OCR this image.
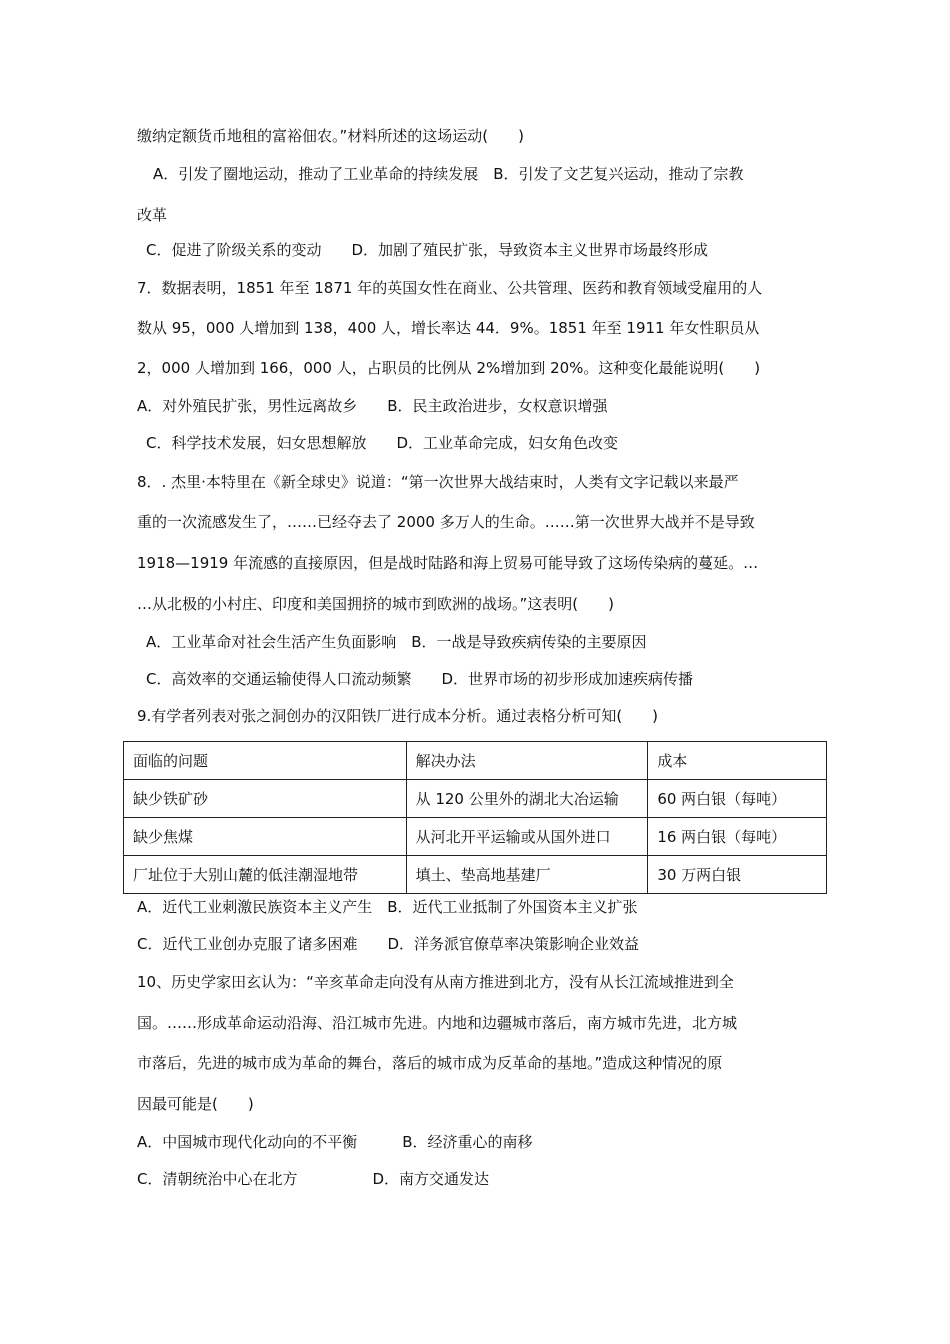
缴纳定额货币地租的富裕佃农。”材料所述的这场运动(　　)
A．引发了圈地运动，推动了工业革命的持续发展　B．引发了文艺复兴运动，推动了宗教
改革
C．促进了阶级关系的变动　　D．加剧了殖民扩张，导致资本主义世界市场最终形成
7．数据表明，1851 年至 1871 年的英国女性在商业、公共管理、医药和教育领域受雇用的人
数从 95，000 人增加到 138，400 人，增长率达 44．9%。1851 年至 1911 年女性职员从
2，000 人增加到 166，000 人，占职员的比例从 2%增加到 20%。这种变化最能说明(　　)
A．对外殖民扩张，男性远离故乡　　B．民主政治进步，女权意识增强
C．科学技术发展，妇女思想解放　　D．工业革命完成，妇女角色改变
8．. 杰里·本特里在《新全球史》说道：“第一次世界大战结束时，人类有文字记载以来最严
重的一次流感发生了，……已经夺去了 2000 多万人的生命。……第一次世界大战并不是导致
1918—1919 年流感的直接原因，但是战时陆路和海上贸易可能导致了这场传染病的蔓延。…
…从北极的小村庄、印度和美国拥挤的城市到欧洲的战场。”这表明(　　)
A．工业革命对社会生活产生负面影响　B．一战是导致疾病传染的主要原因
C．高效率的交通运输使得人口流动频繁　　D．世界市场的初步形成加速疾病传播
9.有学者列表对张之洞创办的汉阳铁厂进行成本分析。通过表格分析可知(　　)
面临的问题	解决办法	成本
缺少铁矿砂	从 120 公里外的湖北大冶运输	60 两白银（每吨）
缺少焦煤	从河北开平运输或从国外进口	16 两白银（每吨）
厂址位于大别山麓的低洼潮湿地带	填土、垫高地基建厂	30 万两白银
A．近代工业刺激民族资本主义产生　B．近代工业抵制了外国资本主义扩张
C．近代工业创办克服了诸多困难　　D．洋务派官僚草率决策影响企业效益
10、历史学家田玄认为：“辛亥革命走向没有从南方推进到北方，没有从长江流域推进到全
国。……形成革命运动沿海、沿江城市先进。内地和边疆城市落后，南方城市先进，北方城
市落后，先进的城市成为革命的舞台，落后的城市成为反革命的基地。”造成这种情况的原
因最可能是(　　)
A．中国城市现代化动向的不平衡　　　B．经济重心的南移
C．清朝统治中心在北方　　　　　D．南方交通发达
